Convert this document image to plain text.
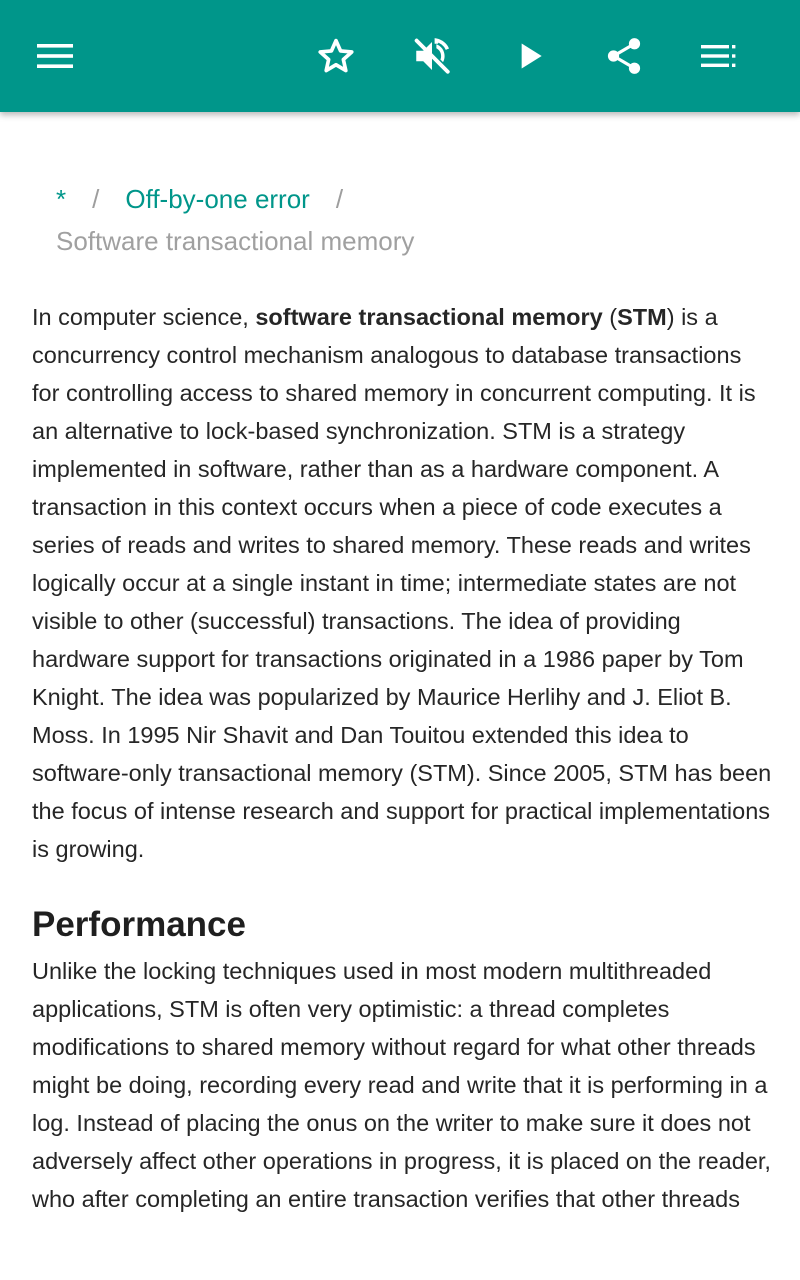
* / Off-by-one error /
Software transactional memory

In computer science, software transactional memory (STM) is a concurrency control mechanism analogous to database transactions for controlling access to shared memory in concurrent computing. It is an alternative to lock-based synchronization. STM is a strategy implemented in software, rather than as a hardware component. A transaction in this context occurs when a piece of code executes a series of reads and writes to shared memory. These reads and writes logically occur at a single instant in time; intermediate states are not visible to other (successful) transactions. The idea of providing hardware support for transactions originated in a 1986 paper by Tom Knight. The idea was popularized by Maurice Herlihy and J. Eliot B. Moss. In 1995 Nir Shavit and Dan Touitou extended this idea to software-only transactional memory (STM). Since 2005, STM has been the focus of intense research and support for practical implementations is growing.

Performance

Unlike the locking techniques used in most modern multithreaded applications, STM is often very optimistic: a thread completes modifications to shared memory without regard for what other threads might be doing, recording every read and write that it is performing in a log. Instead of placing the onus on the writer to make sure it does not adversely affect other operations in progress, it is placed on the reader, who after completing an entire transaction verifies that other threads
